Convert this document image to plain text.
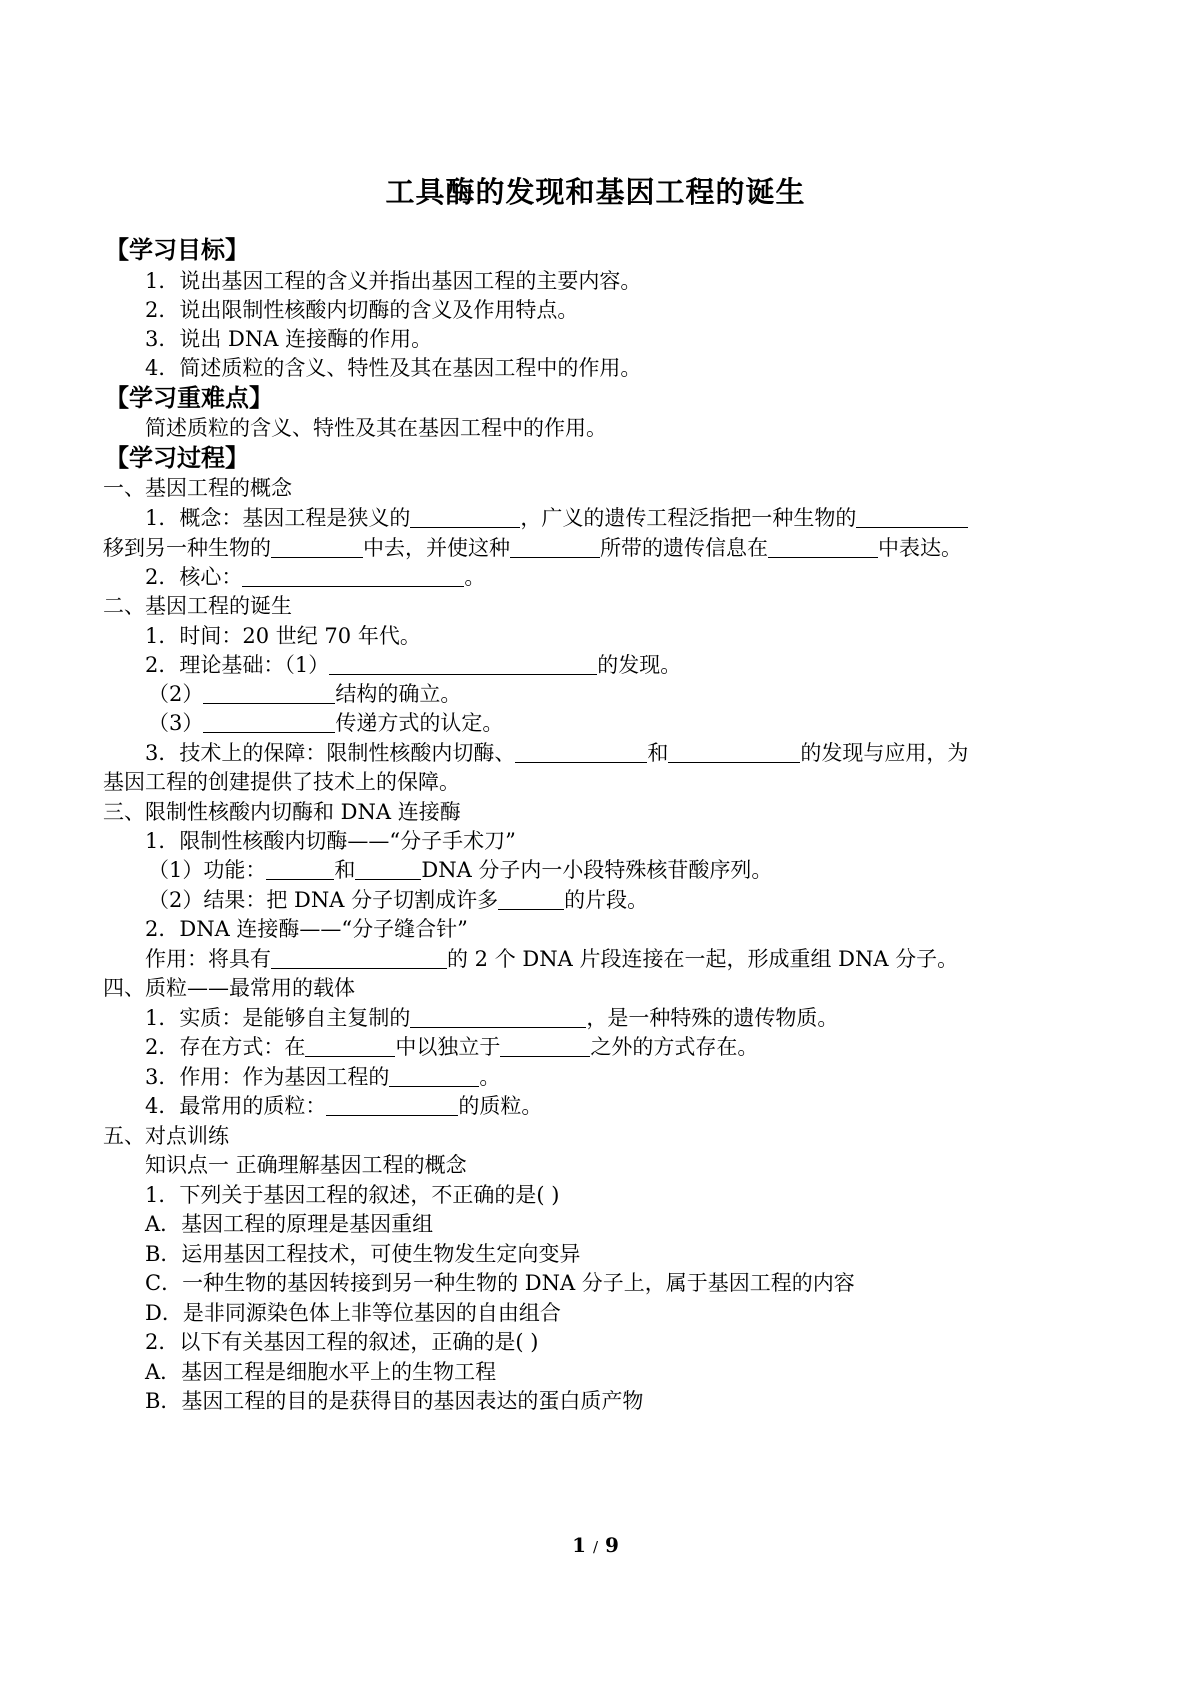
工具酶的发现和基因工程的诞生
【学习目标】
1．说出基因工程的含义并指出基因工程的主要内容。
2．说出限制性核酸内切酶的含义及作用特点。
3．说出 DNA 连接酶的作用。
4．简述质粒的含义、特性及其在基因工程中的作用。
【学习重难点】
简述质粒的含义、特性及其在基因工程中的作用。
【学习过程】
一、基因工程的概念
1．概念：基因工程是狭义的	，广义的遗传工程泛指把一种生物的
移到另一种生物的	中去，并使这种	所带的遗传信息在	中表达。
2．核心：	。
二、基因工程的诞生
1．时间：20 世纪 70 年代。
2．理论基础：（1）	的发现。
（2）	结构的确立。
（3）	传递方式的认定。
3．技术上的保障：限制性核酸内切酶、	和	的发现与应用，为
基因工程的创建提供了技术上的保障。
三、限制性核酸内切酶和 DNA 连接酶
1．限制性核酸内切酶——“分子手术刀”
（1）功能：	和	DNA 分子内一小段特殊核苷酸序列。
（2）结果：把 DNA 分子切割成许多	的片段。
2．DNA 连接酶——“分子缝合针”
作用：将具有	的 2 个 DNA 片段连接在一起，形成重组 DNA 分子。
四、质粒——最常用的载体
1．实质：是能够自主复制的	，是一种特殊的遗传物质。
2．存在方式：在	中以独立于	之外的方式存在。
3．作用：作为基因工程的	。
4．最常用的质粒：	的质粒。
五、对点训练
知识点一 正确理解基因工程的概念
1．下列关于基因工程的叙述，不正确的是( )
A．基因工程的原理是基因重组
B．运用基因工程技术，可使生物发生定向变异
C．一种生物的基因转接到另一种生物的 DNA 分子上，属于基因工程的内容
D．是非同源染色体上非等位基因的自由组合
2．以下有关基因工程的叙述，正确的是( )
A．基因工程是细胞水平上的生物工程
B．基因工程的目的是获得目的基因表达的蛋白质产物
1 / 9
